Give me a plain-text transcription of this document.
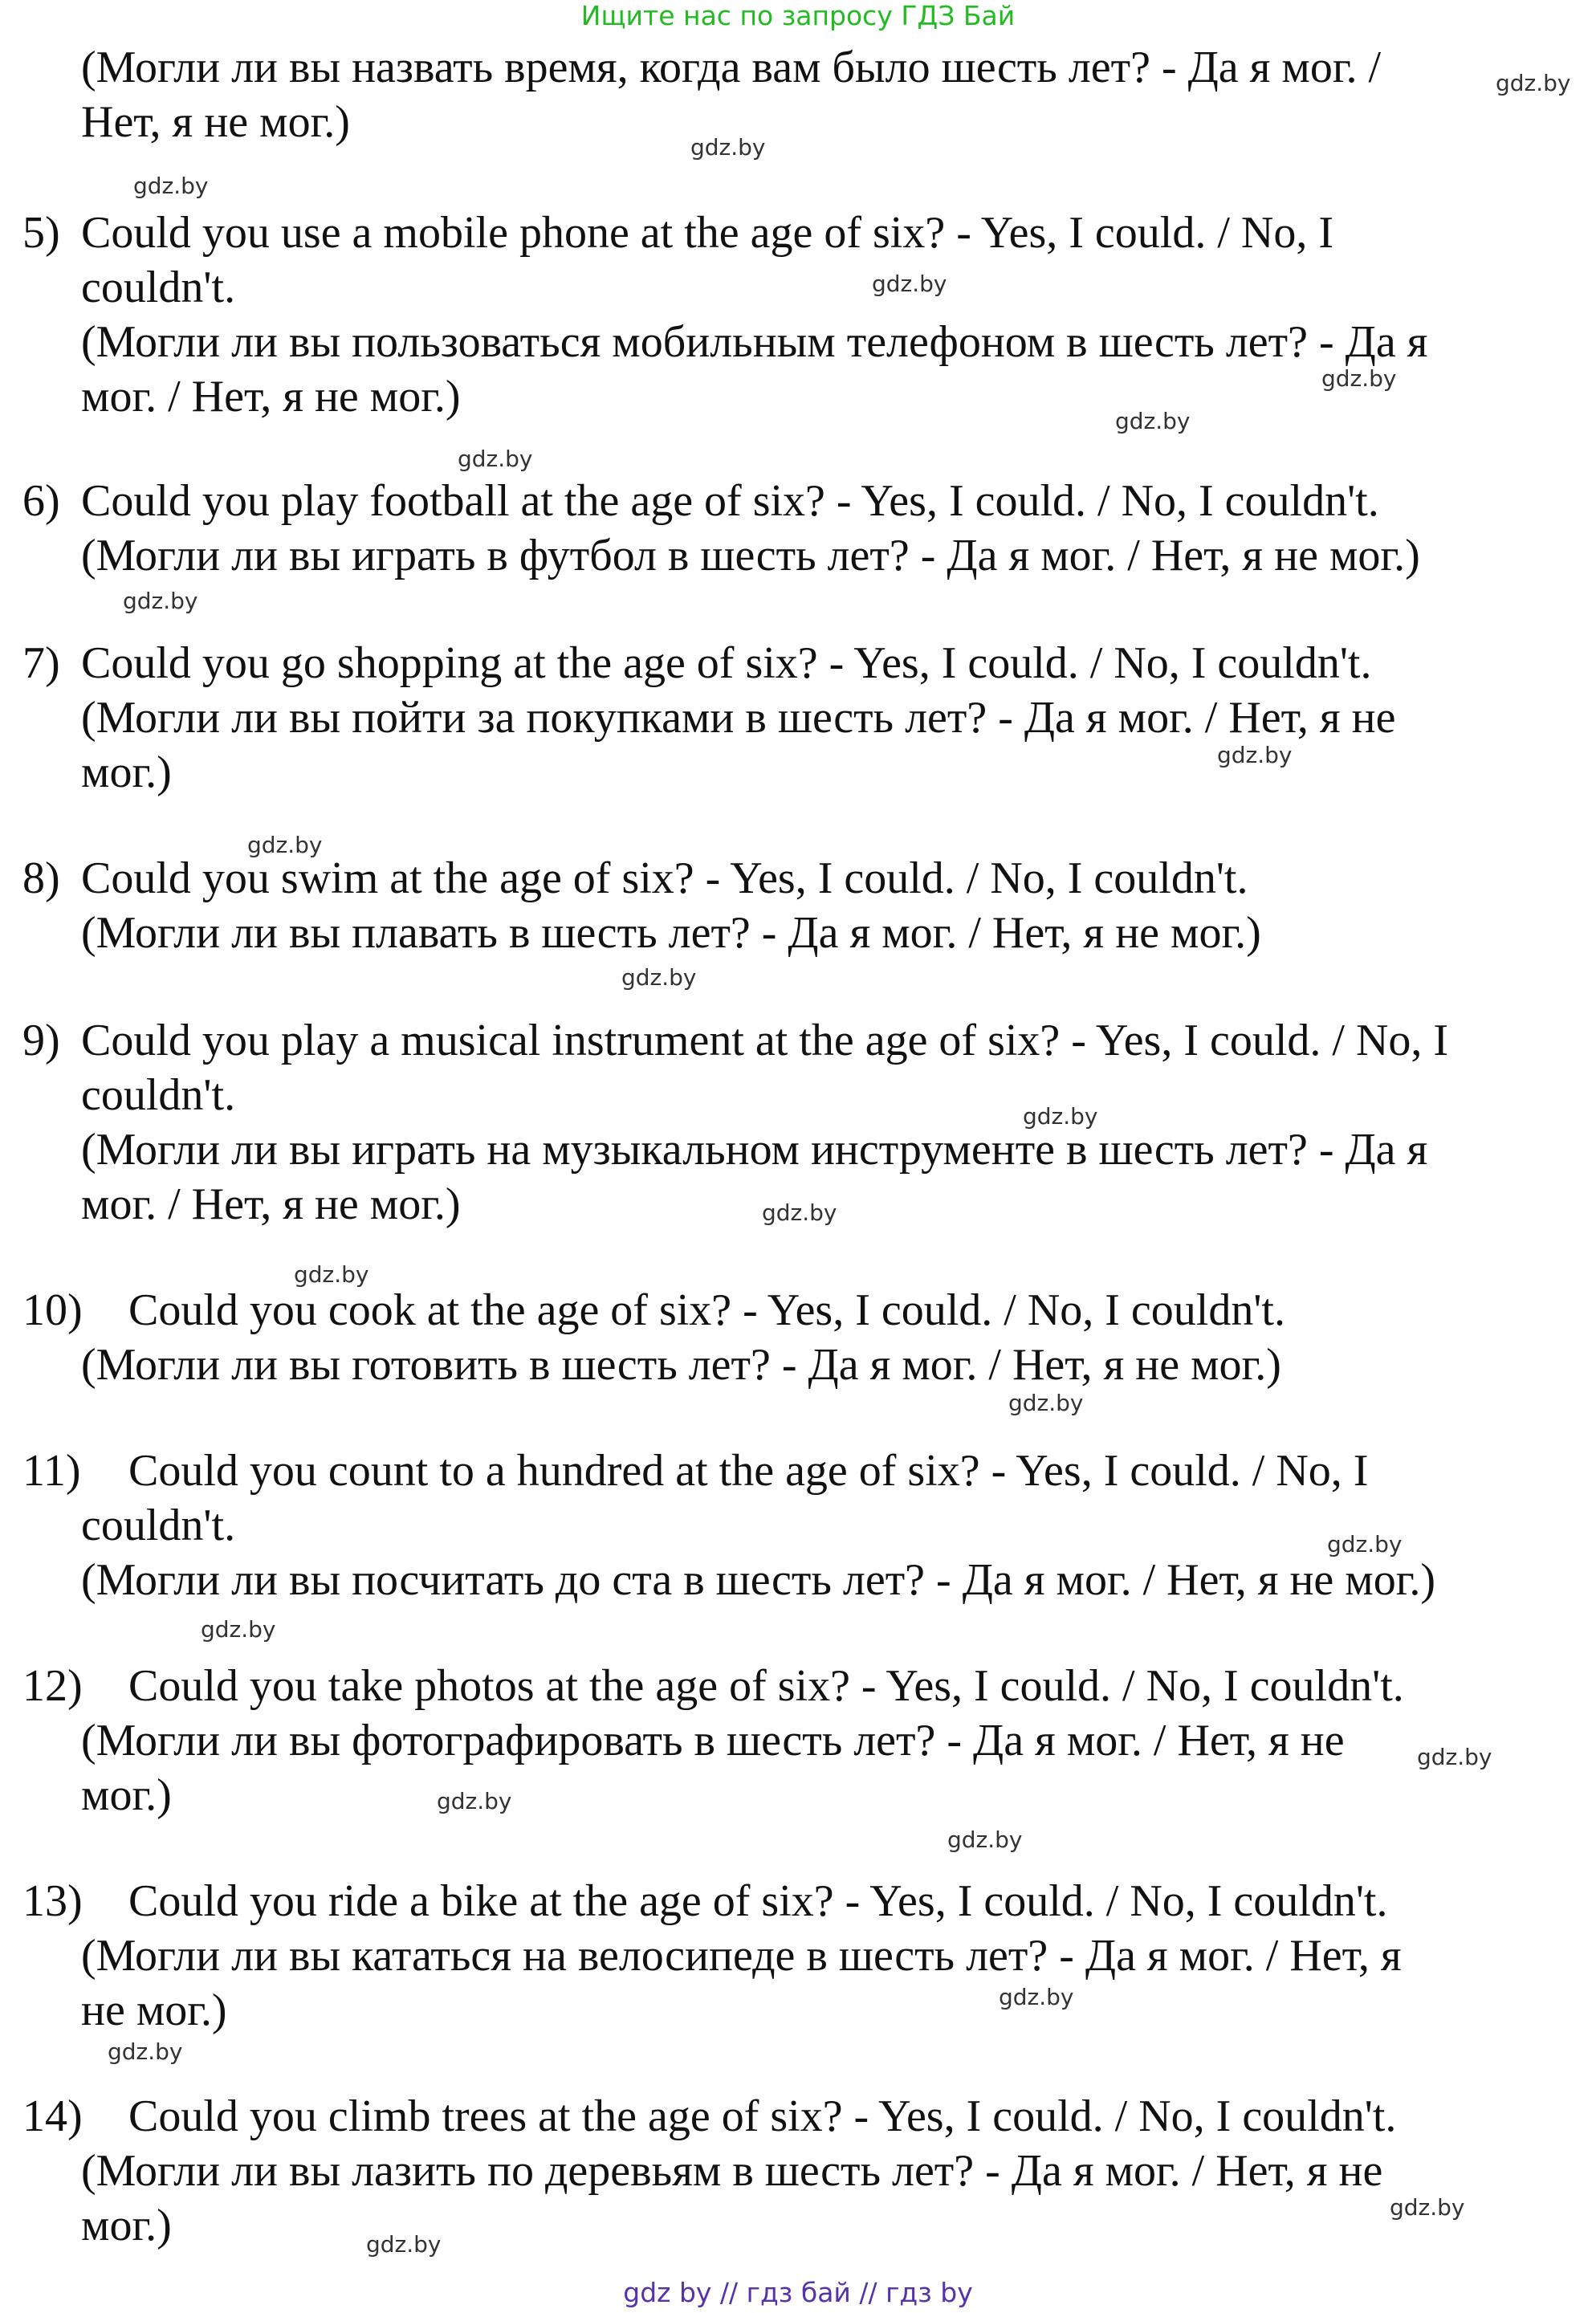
Ищите нас по запросу ГДЗ Бай
(Могли ли вы назвать время, когда вам было шесть лет? - Да я мог. /
Нет, я не мог.)
5) Could you use a mobile phone at the age of six? - Yes, I could. / No, I
couldn't.
(Могли ли вы пользоваться мобильным телефоном в шесть лет? - Да я
мог. / Нет, я не мог.)
6) Could you play football at the age of six? - Yes, I could. / No, I couldn't.
(Могли ли вы играть в футбол в шесть лет? - Да я мог. / Нет, я не мог.)
7) Could you go shopping at the age of six? - Yes, I could. / No, I couldn't.
(Могли ли вы пойти за покупками в шесть лет? - Да я мог. / Нет, я не
мог.)
8) Could you swim at the age of six? - Yes, I could. / No, I couldn't.
(Могли ли вы плавать в шесть лет? - Да я мог. / Нет, я не мог.)
9) Could you play a musical instrument at the age of six? - Yes, I could. / No, I
couldn't.
(Могли ли вы играть на музыкальном инструменте в шесть лет? - Да я
мог. / Нет, я не мог.)
10) Could you cook at the age of six? - Yes, I could. / No, I couldn't.
(Могли ли вы готовить в шесть лет? - Да я мог. / Нет, я не мог.)
11) Could you count to a hundred at the age of six? - Yes, I could. / No, I
couldn't.
(Могли ли вы посчитать до ста в шесть лет? - Да я мог. / Нет, я не мог.)
12) Could you take photos at the age of six? - Yes, I could. / No, I couldn't.
(Могли ли вы фотографировать в шесть лет? - Да я мог. / Нет, я не
мог.)
13) Could you ride a bike at the age of six? - Yes, I could. / No, I couldn't.
(Могли ли вы кататься на велосипеде в шесть лет? - Да я мог. / Нет, я
не мог.)
14) Could you climb trees at the age of six? - Yes, I could. / No, I couldn't.
(Могли ли вы лазить по деревьям в шесть лет? - Да я мог. / Нет, я не
мог.)
gdz.by
gdz.by
gdz.by
gdz.by
gdz.by
gdz.by
gdz.by
gdz.by
gdz.by
gdz.by
gdz.by
gdz.by
gdz.by
gdz.by
gdz.by
gdz.by
gdz.by
gdz.by
gdz.by
gdz.by
gdz.by
gdz.by
gdz.by
gdz.by
gdz by // гдз бай // гдз by
